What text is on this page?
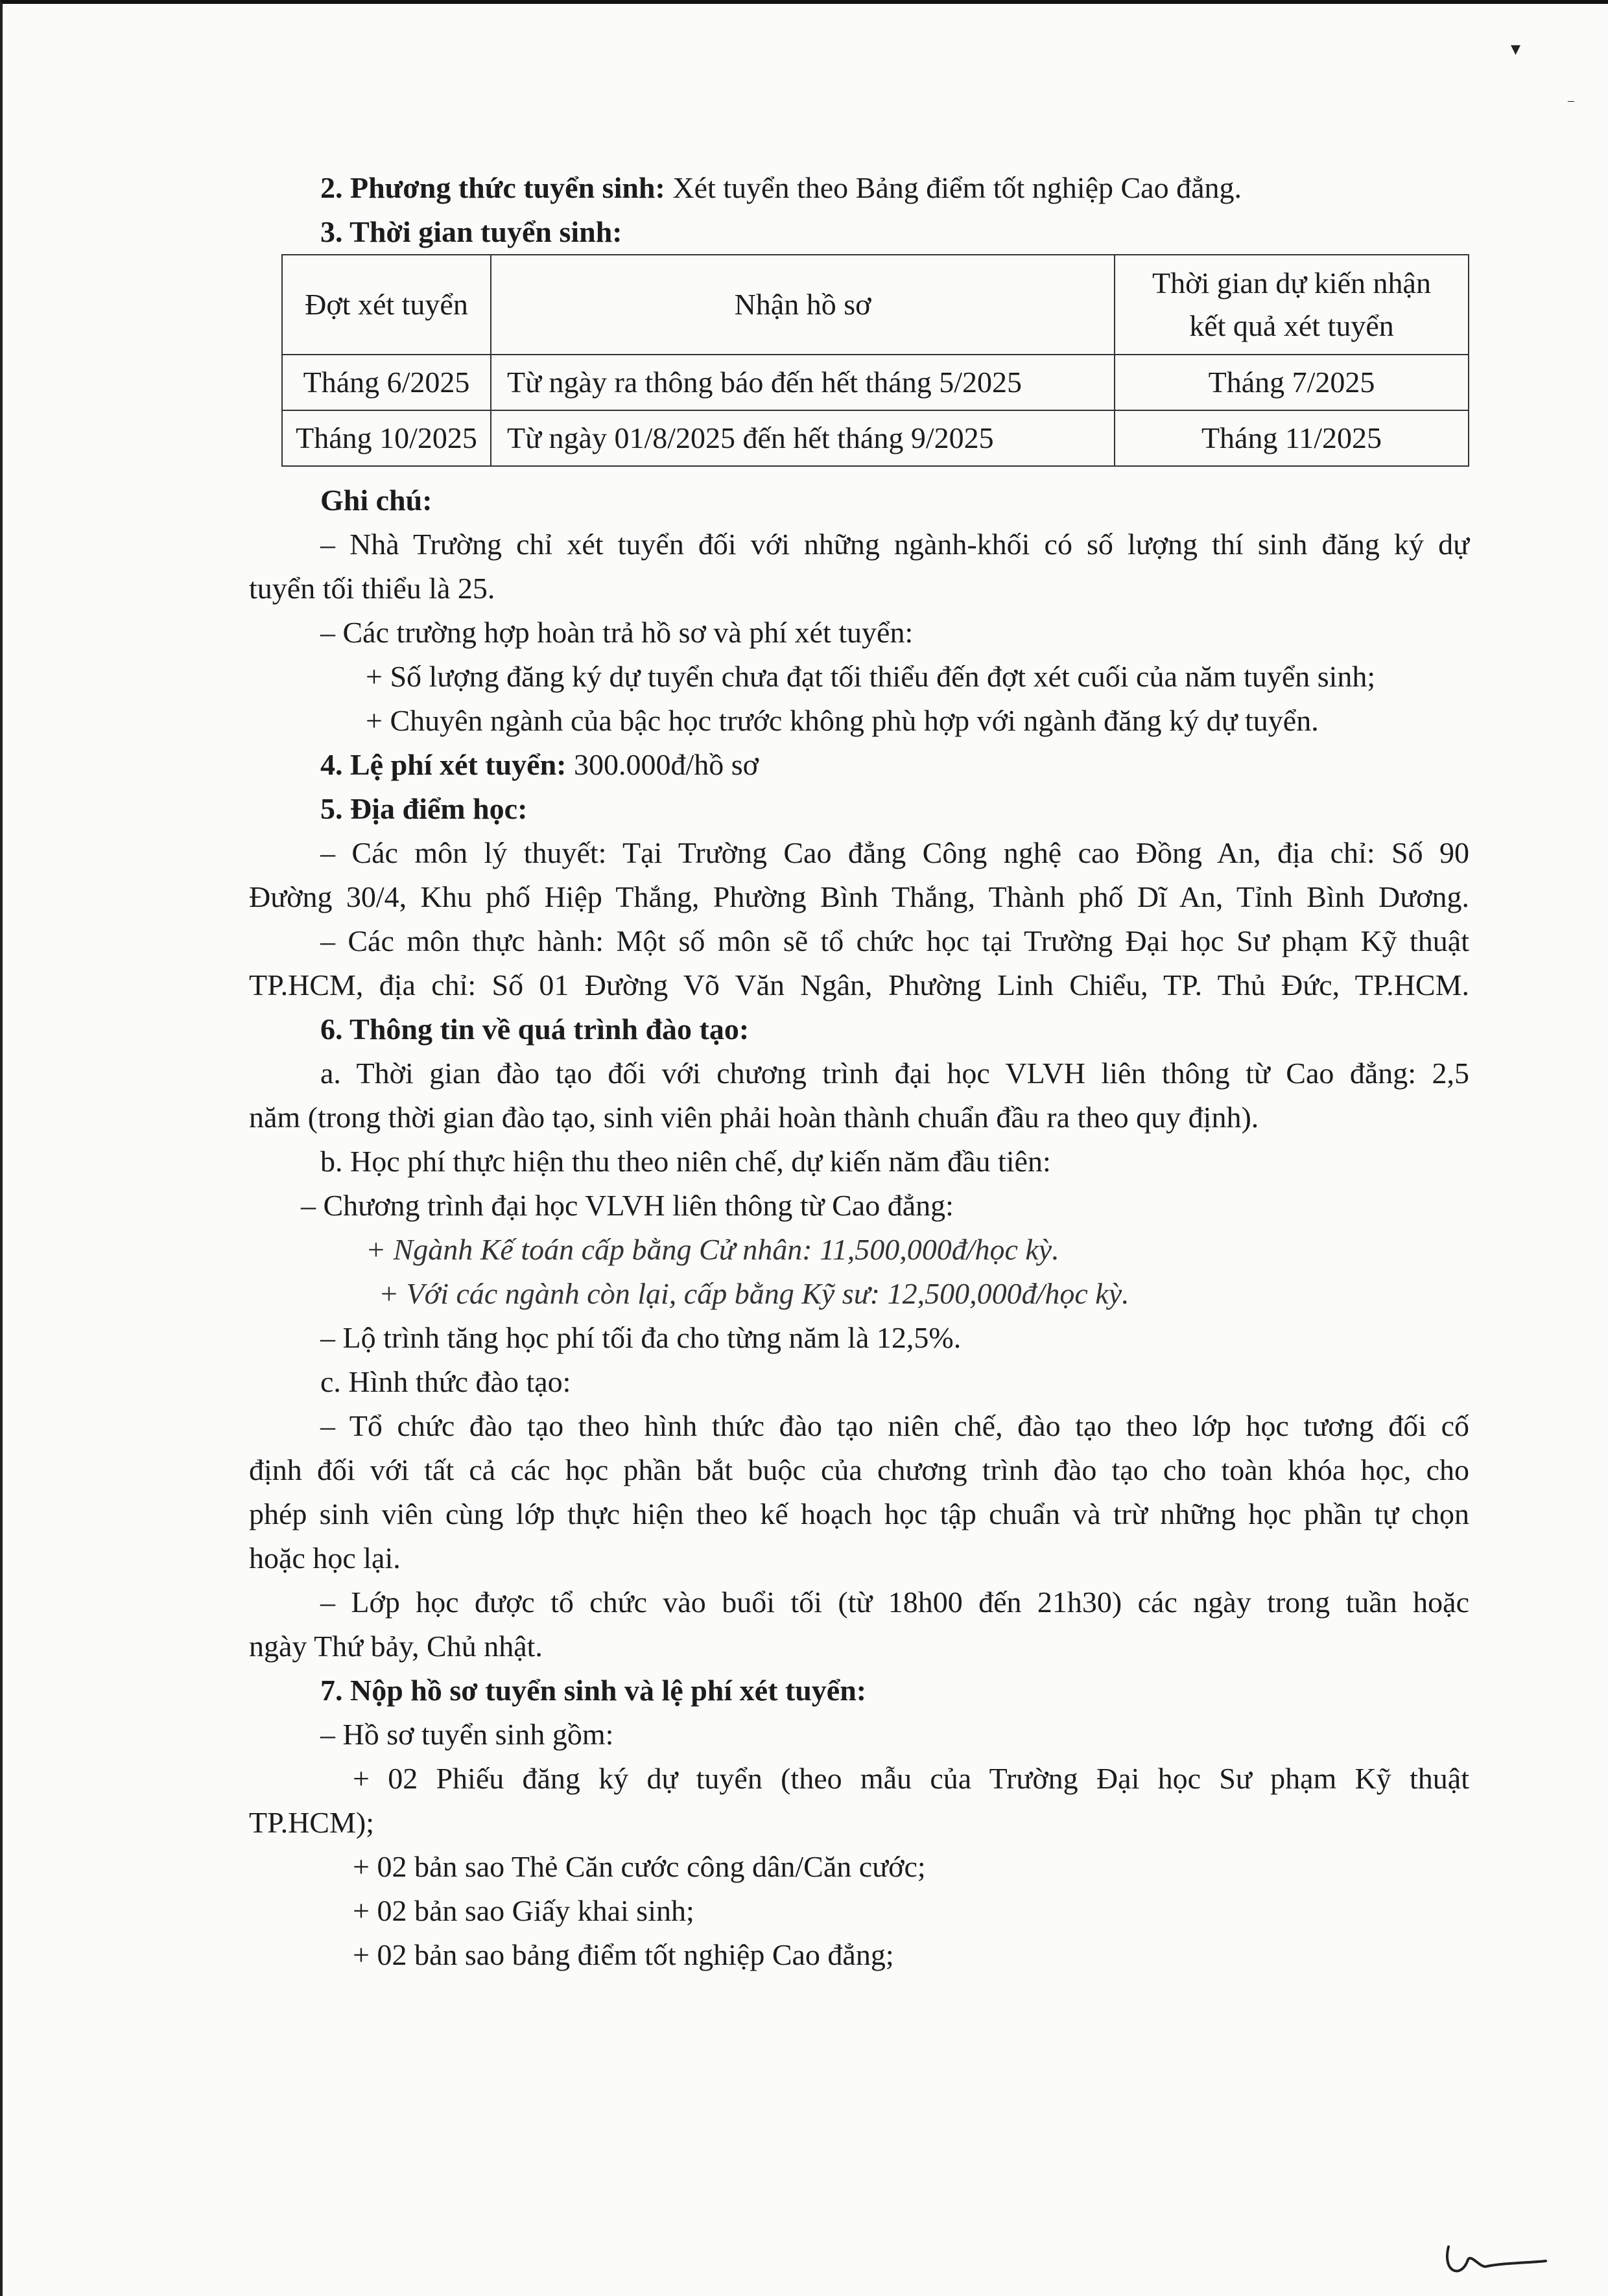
▾
–

2. Phương thức tuyển sinh: Xét tuyển theo Bảng điểm tốt nghiệp Cao đẳng.

3. Thời gian tuyển sinh:

Đợt xét tuyển	Nhận hồ sơ	Thời gian dự kiến nhận
kết quả xét tuyển
Tháng 6/2025	Từ ngày ra thông báo đến hết tháng 5/2025	Tháng 7/2025
Tháng 10/2025	Từ ngày 01/8/2025 đến hết tháng 9/2025	Tháng 11/2025

Ghi chú:

– Nhà Trường chỉ xét tuyển đối với những ngành-khối có số lượng thí sinh đăng ký dự

tuyển tối thiểu là 25.

– Các trường hợp hoàn trả hồ sơ và phí xét tuyển:

+ Số lượng đăng ký dự tuyển chưa đạt tối thiểu đến đợt xét cuối của năm tuyển sinh;

+ Chuyên ngành của bậc học trước không phù hợp với ngành đăng ký dự tuyển.

4. Lệ phí xét tuyển: 300.000đ/hồ sơ

5. Địa điểm học:

– Các môn lý thuyết: Tại Trường Cao đẳng Công nghệ cao Đồng An, địa chỉ: Số 90

Đường 30/4, Khu phố Hiệp Thắng, Phường Bình Thắng, Thành phố Dĩ An, Tỉnh Bình Dương.

– Các môn thực hành: Một số môn sẽ tổ chức học tại Trường Đại học Sư phạm Kỹ thuật

TP.HCM, địa chỉ: Số 01 Đường Võ Văn Ngân, Phường Linh Chiểu, TP. Thủ Đức, TP.HCM.

6. Thông tin về quá trình đào tạo:

a. Thời gian đào tạo đối với chương trình đại học VLVH liên thông từ Cao đẳng: 2,5

năm (trong thời gian đào tạo, sinh viên phải hoàn thành chuẩn đầu ra theo quy định).

b. Học phí thực hiện thu theo niên chế, dự kiến năm đầu tiên:

– Chương trình đại học VLVH liên thông từ Cao đẳng:

+ Ngành Kế toán cấp bằng Cử nhân: 11,500,000đ/học kỳ.

+ Với các ngành còn lại, cấp bằng Kỹ sư: 12,500,000đ/học kỳ.

– Lộ trình tăng học phí tối đa cho từng năm là 12,5%.

c. Hình thức đào tạo:

– Tổ chức đào tạo theo hình thức đào tạo niên chế, đào tạo theo lớp học tương đối cố

định đối với tất cả các học phần bắt buộc của chương trình đào tạo cho toàn khóa học, cho

phép sinh viên cùng lớp thực hiện theo kế hoạch học tập chuẩn và trừ những học phần tự chọn

hoặc học lại.

– Lớp học được tổ chức vào buổi tối (từ 18h00 đến 21h30) các ngày trong tuần hoặc

ngày Thứ bảy, Chủ nhật.

7. Nộp hồ sơ tuyển sinh và lệ phí xét tuyển:

– Hồ sơ tuyển sinh gồm:

+ 02 Phiếu đăng ký dự tuyển (theo mẫu của Trường Đại học Sư phạm Kỹ thuật

TP.HCM);

+ 02 bản sao Thẻ Căn cước công dân/Căn cước;

+ 02 bản sao Giấy khai sinh;

+ 02 bản sao bảng điểm tốt nghiệp Cao đẳng;
